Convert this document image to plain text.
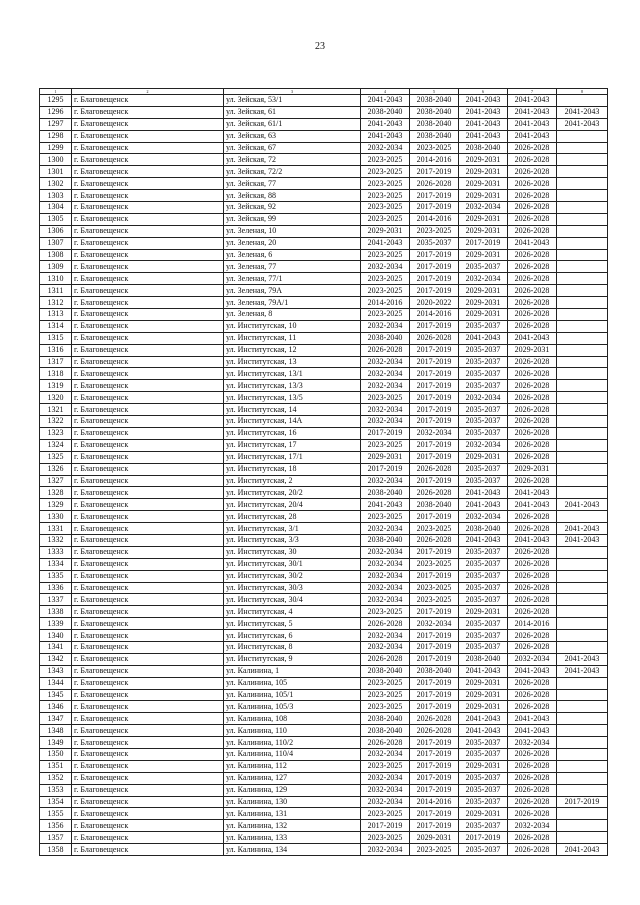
23
1	2	3	4	5	6	7	8
1295	г. Благовещенск	ул. Зейская, 53/1	2041-2043	2038-2040	2041-2043	2041-2043	
1296	г. Благовещенск	ул. Зейская, 61	2038-2040	2038-2040	2041-2043	2041-2043	2041-2043
1297	г. Благовещенск	ул. Зейская, 61/1	2041-2043	2038-2040	2041-2043	2041-2043	2041-2043
1298	г. Благовещенск	ул. Зейская, 63	2041-2043	2038-2040	2041-2043	2041-2043	
1299	г. Благовещенск	ул. Зейская, 67	2032-2034	2023-2025	2038-2040	2026-2028	
1300	г. Благовещенск	ул. Зейская, 72	2023-2025	2014-2016	2029-2031	2026-2028	
1301	г. Благовещенск	ул. Зейская, 72/2	2023-2025	2017-2019	2029-2031	2026-2028	
1302	г. Благовещенск	ул. Зейская, 77	2023-2025	2026-2028	2029-2031	2026-2028	
1303	г. Благовещенск	ул. Зейская, 88	2023-2025	2017-2019	2029-2031	2026-2028	
1304	г. Благовещенск	ул. Зейская, 92	2023-2025	2017-2019	2032-2034	2026-2028	
1305	г. Благовещенск	ул. Зейская, 99	2023-2025	2014-2016	2029-2031	2026-2028	
1306	г. Благовещенск	ул. Зеленая, 10	2029-2031	2023-2025	2029-2031	2026-2028	
1307	г. Благовещенск	ул. Зеленая, 20	2041-2043	2035-2037	2017-2019	2041-2043	
1308	г. Благовещенск	ул. Зеленая, 6	2023-2025	2017-2019	2029-2031	2026-2028	
1309	г. Благовещенск	ул. Зеленая, 77	2032-2034	2017-2019	2035-2037	2026-2028	
1310	г. Благовещенск	ул. Зеленая, 77/1	2023-2025	2017-2019	2032-2034	2026-2028	
1311	г. Благовещенск	ул. Зеленая, 79А	2023-2025	2017-2019	2029-2031	2026-2028	
1312	г. Благовещенск	ул. Зеленая, 79А/1	2014-2016	2020-2022	2029-2031	2026-2028	
1313	г. Благовещенск	ул. Зеленая, 8	2023-2025	2014-2016	2029-2031	2026-2028	
1314	г. Благовещенск	ул. Институтская, 10	2032-2034	2017-2019	2035-2037	2026-2028	
1315	г. Благовещенск	ул. Институтская, 11	2038-2040	2026-2028	2041-2043	2041-2043	
1316	г. Благовещенск	ул. Институтская, 12	2026-2028	2017-2019	2035-2037	2029-2031	
1317	г. Благовещенск	ул. Институтская, 13	2032-2034	2017-2019	2035-2037	2026-2028	
1318	г. Благовещенск	ул. Институтская, 13/1	2032-2034	2017-2019	2035-2037	2026-2028	
1319	г. Благовещенск	ул. Институтская, 13/3	2032-2034	2017-2019	2035-2037	2026-2028	
1320	г. Благовещенск	ул. Институтская, 13/5	2023-2025	2017-2019	2032-2034	2026-2028	
1321	г. Благовещенск	ул. Институтская, 14	2032-2034	2017-2019	2035-2037	2026-2028	
1322	г. Благовещенск	ул. Институтская, 14А	2032-2034	2017-2019	2035-2037	2026-2028	
1323	г. Благовещенск	ул. Институтская, 16	2017-2019	2032-2034	2035-2037	2026-2028	
1324	г. Благовещенск	ул. Институтская, 17	2023-2025	2017-2019	2032-2034	2026-2028	
1325	г. Благовещенск	ул. Институтская, 17/1	2029-2031	2017-2019	2029-2031	2026-2028	
1326	г. Благовещенск	ул. Институтская, 18	2017-2019	2026-2028	2035-2037	2029-2031	
1327	г. Благовещенск	ул. Институтская, 2	2032-2034	2017-2019	2035-2037	2026-2028	
1328	г. Благовещенск	ул. Институтская, 20/2	2038-2040	2026-2028	2041-2043	2041-2043	
1329	г. Благовещенск	ул. Институтская, 20/4	2041-2043	2038-2040	2041-2043	2041-2043	2041-2043
1330	г. Благовещенск	ул. Институтская, 28	2023-2025	2017-2019	2032-2034	2026-2028	
1331	г. Благовещенск	ул. Институтская, 3/1	2032-2034	2023-2025	2038-2040	2026-2028	2041-2043
1332	г. Благовещенск	ул. Институтская, 3/3	2038-2040	2026-2028	2041-2043	2041-2043	2041-2043
1333	г. Благовещенск	ул. Институтская, 30	2032-2034	2017-2019	2035-2037	2026-2028	
1334	г. Благовещенск	ул. Институтская, 30/1	2032-2034	2023-2025	2035-2037	2026-2028	
1335	г. Благовещенск	ул. Институтская, 30/2	2032-2034	2017-2019	2035-2037	2026-2028	
1336	г. Благовещенск	ул. Институтская, 30/3	2032-2034	2023-2025	2035-2037	2026-2028	
1337	г. Благовещенск	ул. Институтская, 30/4	2032-2034	2023-2025	2035-2037	2026-2028	
1338	г. Благовещенск	ул. Институтская, 4	2023-2025	2017-2019	2029-2031	2026-2028	
1339	г. Благовещенск	ул. Институтская, 5	2026-2028	2032-2034	2035-2037	2014-2016	
1340	г. Благовещенск	ул. Институтская, 6	2032-2034	2017-2019	2035-2037	2026-2028	
1341	г. Благовещенск	ул. Институтская, 8	2032-2034	2017-2019	2035-2037	2026-2028	
1342	г. Благовещенск	ул. Институтская, 9	2026-2028	2017-2019	2038-2040	2032-2034	2041-2043
1343	г. Благовещенск	ул. Калинина, 1	2038-2040	2038-2040	2041-2043	2041-2043	2041-2043
1344	г. Благовещенск	ул. Калинина, 105	2023-2025	2017-2019	2029-2031	2026-2028	
1345	г. Благовещенск	ул. Калинина, 105/1	2023-2025	2017-2019	2029-2031	2026-2028	
1346	г. Благовещенск	ул. Калинина, 105/3	2023-2025	2017-2019	2029-2031	2026-2028	
1347	г. Благовещенск	ул. Калинина, 108	2038-2040	2026-2028	2041-2043	2041-2043	
1348	г. Благовещенск	ул. Калинина, 110	2038-2040	2026-2028	2041-2043	2041-2043	
1349	г. Благовещенск	ул. Калинина, 110/2	2026-2028	2017-2019	2035-2037	2032-2034	
1350	г. Благовещенск	ул. Калинина, 110/4	2032-2034	2017-2019	2035-2037	2026-2028	
1351	г. Благовещенск	ул. Калинина, 112	2023-2025	2017-2019	2029-2031	2026-2028	
1352	г. Благовещенск	ул. Калинина, 127	2032-2034	2017-2019	2035-2037	2026-2028	
1353	г. Благовещенск	ул. Калинина, 129	2032-2034	2017-2019	2035-2037	2026-2028	
1354	г. Благовещенск	ул. Калинина, 130	2032-2034	2014-2016	2035-2037	2026-2028	2017-2019
1355	г. Благовещенск	ул. Калинина, 131	2023-2025	2017-2019	2029-2031	2026-2028	
1356	г. Благовещенск	ул. Калинина, 132	2017-2019	2017-2019	2035-2037	2032-2034	
1357	г. Благовещенск	ул. Калинина, 133	2023-2025	2029-2031	2017-2019	2026-2028	
1358	г. Благовещенск	ул. Калинина, 134	2032-2034	2023-2025	2035-2037	2026-2028	2041-2043
